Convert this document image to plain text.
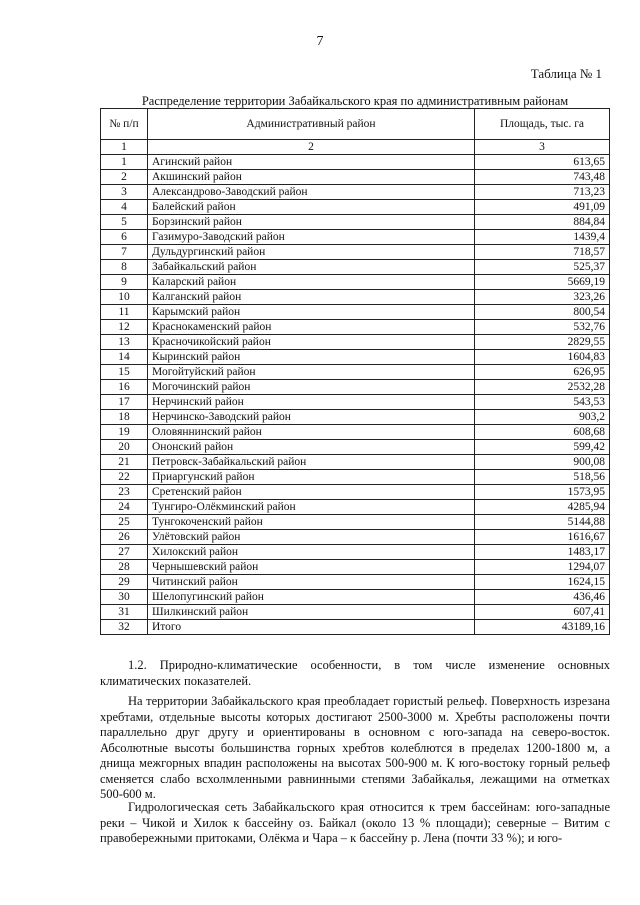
7
Таблица № 1
Распределение территории Забайкальского края по административным районам
№ п/п	Административный район	Площадь, тыс. га
1	2	3
1	Агинский район	613,65
2	Акшинский район	743,48
3	Александрово-Заводский район	713,23
4	Балейский район	491,09
5	Борзинский район	884,84
6	Газимуро-Заводский район	1439,4
7	Дульдургинский район	718,57
8	Забайкальский район	525,37
9	Каларский район	5669,19
10	Калганский район	323,26
11	Карымский район	800,54
12	Краснокаменский район	532,76
13	Красночикойский район	2829,55
14	Кыринский район	1604,83
15	Могойтуйский район	626,95
16	Могочинский район	2532,28
17	Нерчинский район	543,53
18	Нерчинско-Заводский район	903,2
19	Оловяннинский район	608,68
20	Ононский район	599,42
21	Петровск-Забайкальский район	900,08
22	Приаргунский район	518,56
23	Сретенский район	1573,95
24	Тунгиро-Олёкминский район	4285,94
25	Тунгокоченский район	5144,88
26	Улётовский район	1616,67
27	Хилокский район	1483,17
28	Чернышевский район	1294,07
29	Читинский район	1624,15
30	Шелопугинский район	436,46
31	Шилкинский район	607,41
32	Итого	43189,16

1.2. Природно-климатические особенности, в том числе изменение основных климатических показателей.

На территории Забайкальского края преобладает гористый рельеф. Поверхность изрезана хребтами, отдельные высоты которых достигают 2500-3000 м. Хребты расположены почти параллельно друг другу и ориентированы в основном с юго-запада на северо-восток. Абсолютные высоты большинства горных хребтов колеблются в пределах 1200-1800 м, а днища межгорных впадин расположены на высотах 500-900 м. К юго-востоку горный рельеф сменяется слабо всхолмленными равнинными степями Забайкалья, лежащими на отметках 500-600 м.

Гидрологическая сеть Забайкальского края относится к трем бассейнам: юго-западные реки – Чикой и Хилок к бассейну оз. Байкал (около 13 % площади); северные – Витим с правобережными притоками, Олёкма и Чара – к бассейну р. Лена (почти 33 %); и юго-
